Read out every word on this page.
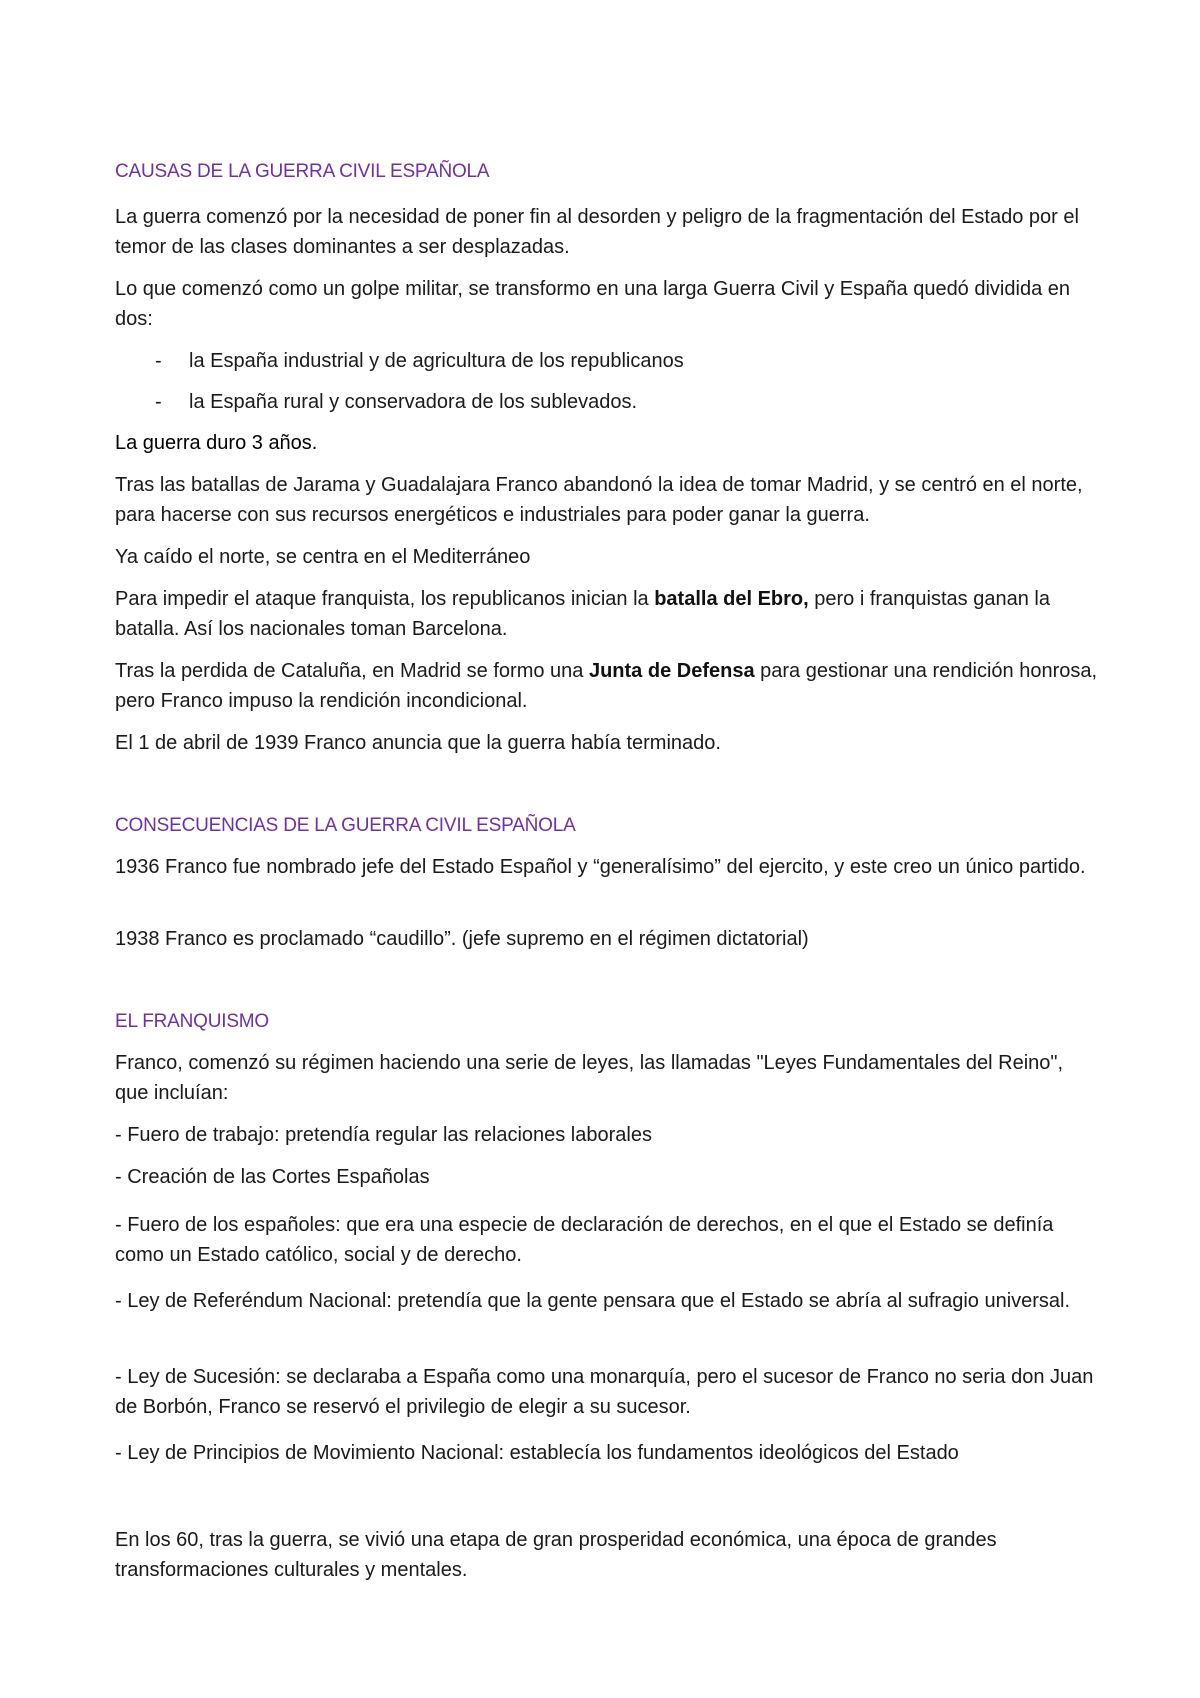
CAUSAS DE LA GUERRA CIVIL ESPAÑOLA

La guerra comenzó por la necesidad de poner fin al desorden y peligro de la fragmentación del Estado por el temor de las clases dominantes a ser desplazadas.

Lo que comenzó como un golpe militar, se transformo en una larga Guerra Civil y España quedó dividida en dos:

- la España industrial y de agricultura de los republicanos
- la España rural y conservadora de los sublevados.

La guerra duro 3 años.

Tras las batallas de Jarama y Guadalajara Franco abandonó la idea de tomar Madrid, y se centró en el norte, para hacerse con sus recursos energéticos e industriales para poder ganar la guerra.

Ya caído el norte, se centra en el Mediterráneo

Para impedir el ataque franquista, los republicanos inician la batalla del Ebro, pero i franquistas ganan la batalla. Así los nacionales toman Barcelona.

Tras la perdida de Cataluña, en Madrid se formo una Junta de Defensa para gestionar una rendición honrosa, pero Franco impuso la rendición incondicional.

El 1 de abril de 1939 Franco anuncia que la guerra había terminado.

CONSECUENCIAS DE LA GUERRA CIVIL ESPAÑOLA

1936 Franco fue nombrado jefe del Estado Español y “generalísimo” del ejercito, y este creo un único partido.

1938 Franco es proclamado “caudillo”. (jefe supremo en el régimen dictatorial)

EL FRANQUISMO

Franco, comenzó su régimen haciendo una serie de leyes, las llamadas "Leyes Fundamentales del Reino", que incluían:

- Fuero de trabajo: pretendía regular las relaciones laborales

- Creación de las Cortes Españolas

- Fuero de los españoles: que era una especie de declaración de derechos, en el que el Estado se definía como un Estado católico, social y de derecho.

- Ley de Referéndum Nacional: pretendía que la gente pensara que el Estado se abría al sufragio universal.

- Ley de Sucesión: se declaraba a España como una monarquía, pero el sucesor de Franco no seria don Juan de Borbón, Franco se reservó el privilegio de elegir a su sucesor.

- Ley de Principios de Movimiento Nacional: establecía los fundamentos ideológicos del Estado

En los 60, tras la guerra, se vivió una etapa de gran prosperidad económica, una época de grandes transformaciones culturales y mentales.
